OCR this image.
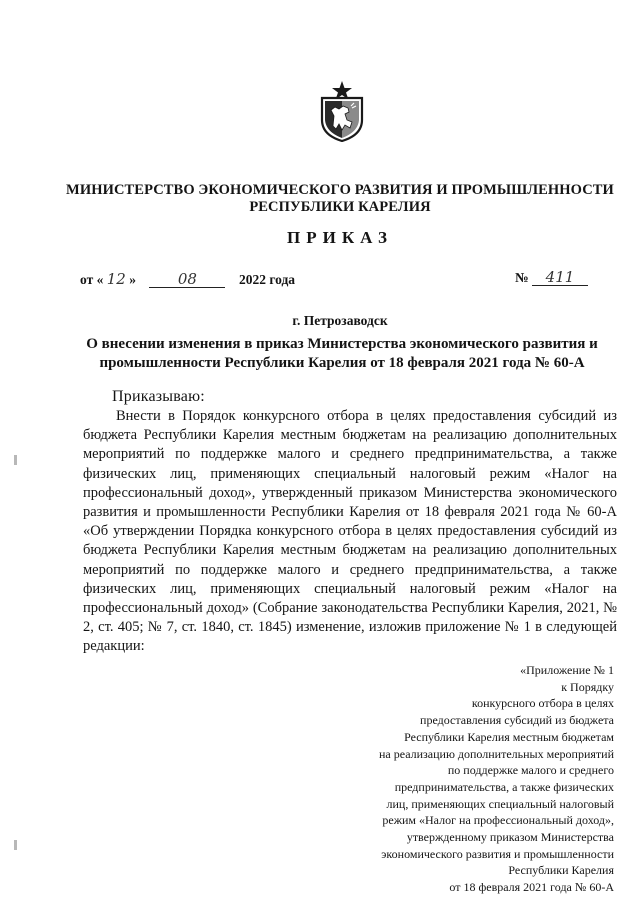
МИНИСТЕРСТВО ЭКОНОМИЧЕСКОГО РАЗВИТИЯ И ПРОМЫШЛЕННОСТИ
РЕСПУБЛИКИ КАРЕЛИЯ
ПРИКАЗ
от « 12 »	08	2022 года	№ 411
г. Петрозаводск
О внесении изменения в приказ Министерства экономического развития и промышленности Республики Карелия от 18 февраля 2021 года № 60-А
Приказываю:

Внести в Порядок конкурсного отбора в целях предоставления субсидий из бюджета Республики Карелия местным бюджетам на реализацию дополнительных мероприятий по поддержке малого и среднего предпринимательства, а также физических лиц, применяющих специальный налоговый режим «Налог на профессиональный доход», утвержденный приказом Министерства экономического развития и промышленности Республики Карелия от 18 февраля 2021 года № 60-А «Об утверждении Порядка конкурсного отбора в целях предоставления субсидий из бюджета Республики Карелия местным бюджетам на реализацию дополнительных мероприятий по поддержке малого и среднего предпринимательства, а также физических лиц, применяющих специальный налоговый режим «Налог на профессиональный доход» (Собрание законодательства Республики Карелия, 2021, № 2, ст. 405; № 7, ст. 1840, ст. 1845) изменение, изложив приложение № 1 в следующей редакции:

«Приложение № 1
к Порядку
конкурсного отбора в целях
предоставления субсидий из бюджета
Республики Карелия местным бюджетам
на реализацию дополнительных мероприятий
по поддержке малого и среднего
предпринимательства, а также физических
лиц, применяющих специальный налоговый
режим «Налог на профессиональный доход»,
утвержденному приказом Министерства
экономического развития и промышленности
Республики Карелия
от 18 февраля 2021 года № 60-А
